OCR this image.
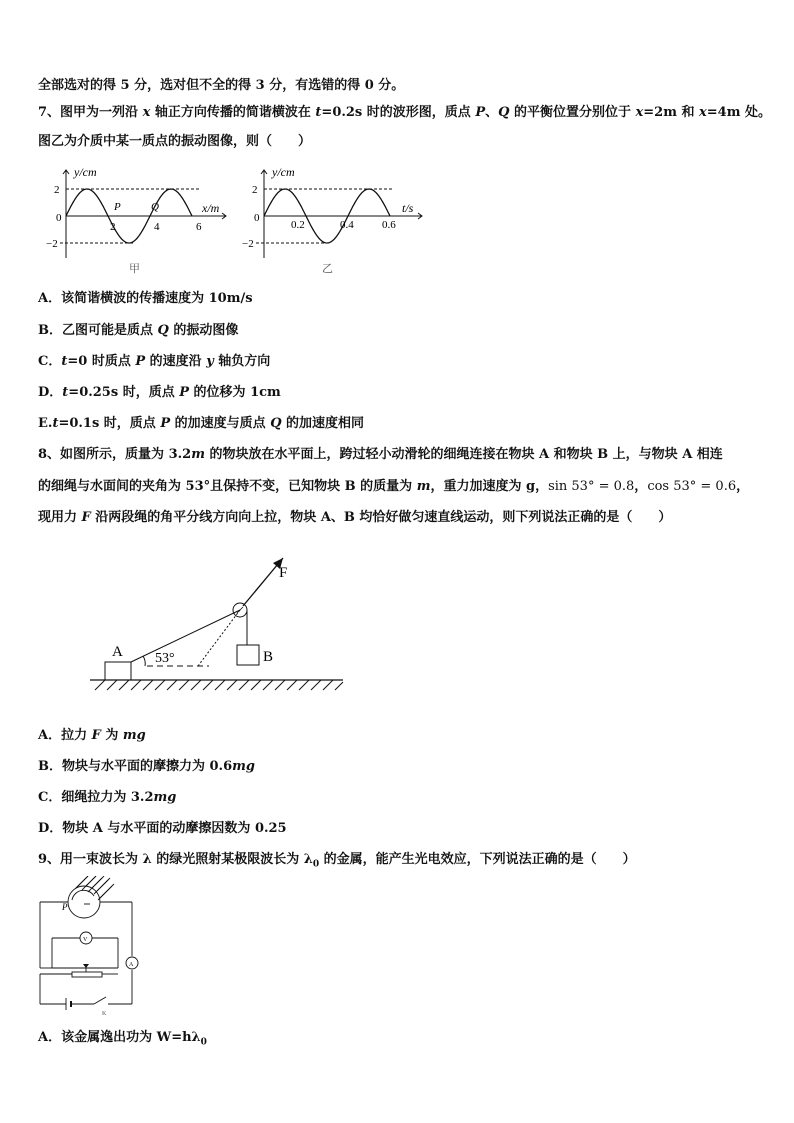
全部选对的得 5 分，选对但不全的得 3 分，有选错的得 0 分。
7、图甲为一列沿 x 轴正方向传播的简谐横波在 t=0.2s 时的波形图，质点 P、Q 的平衡位置分别位于 x=2m 和 x=4m 处。
图乙为介质中某一质点的振动图像，则（　　）
y/cm
x/m
2
0
−2
2	4	6
P	Q
甲
y/cm
t/s
2
0
−2
0.2	0.4	0.6
乙
A．该简谐横波的传播速度为 10m/s
B．乙图可能是质点 Q 的振动图像
C．t=0 时质点 P 的速度沿 y 轴负方向
D．t=0.25s 时，质点 P 的位移为 1cm
E.t=0.1s 时，质点 P 的加速度与质点 Q 的加速度相同
8、如图所示，质量为 3.2m 的物块放在水平面上，跨过轻小动滑轮的细绳连接在物块 A 和物块 B 上，与物块 A 相连
的细绳与水面间的夹角为 53°且保持不变，已知物块 B 的质量为 m，重力加速度为 g，sin 53° = 0.8，cos 53° = 0.6，
现用力 F 沿两段绳的角平分线方向向上拉，物块 A、B 均恰好做匀速直线运动，则下列说法正确的是（　　）
F
A	B
53°
A．拉力 F 为 mg
B．物块与水平面的摩擦力为 0.6mg
C．细绳拉力为 3.2mg
D．物块 A 与水平面的动摩擦因数为 0.25
9、用一束波长为 λ 的绿光照射某极限波长为 $\lambda_0$ 的金属，能产生光电效应，下列说法正确的是（　　）
P
V
A
K
A．该金属逸出功为 $W=h\lambda_0$
